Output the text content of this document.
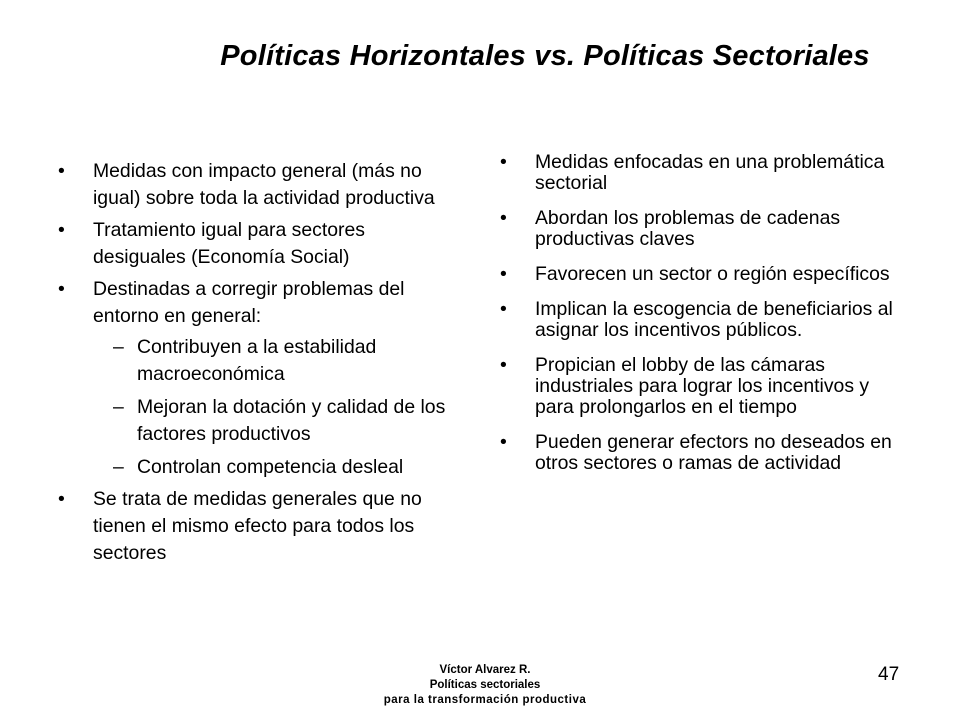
Políticas Horizontales vs. Políticas Sectoriales
•	Medidas con impacto general (más no igual) sobre toda la actividad productiva
•	Tratamiento igual para sectores desiguales (Economía Social)
•	Destinadas a corregir problemas del entorno en general:
– Contribuyen a la estabilidad macroeconómica
– Mejoran la dotación y calidad de los factores productivos
– Controlan competencia desleal
•	Se trata de medidas generales que no tienen el mismo efecto para todos los sectores
•	Medidas enfocadas en una problemática sectorial
•	Abordan los problemas de cadenas productivas claves
•	Favorecen un sector o región específicos
•	Implican la escogencia de beneficiarios al asignar los incentivos públicos.
•	Propician el lobby de las cámaras industriales para lograr los incentivos y para prolongarlos en el tiempo
•	Pueden generar efectors no deseados en otros sectores o ramas de actividad
Víctor Alvarez R.
Políticas sectoriales
para la transformación productiva
47
